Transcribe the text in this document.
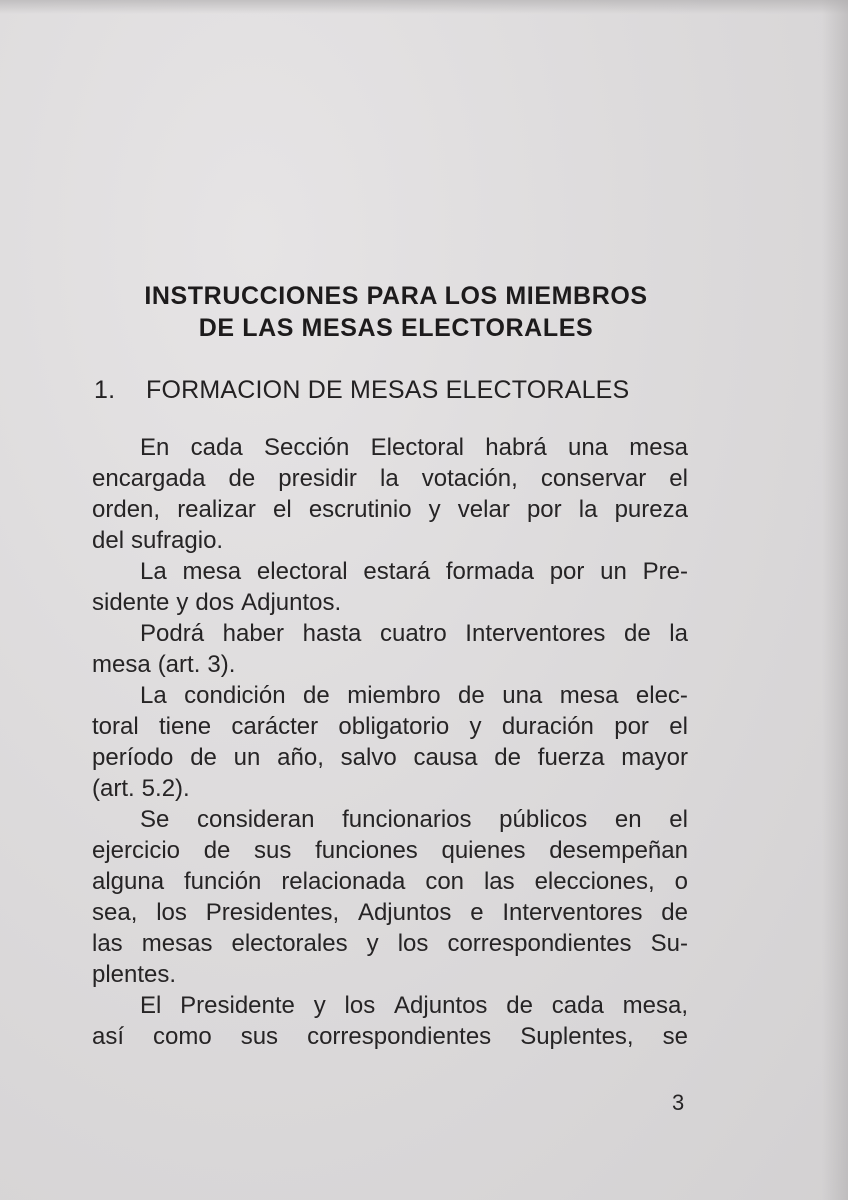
INSTRUCCIONES PARA LOS MIEMBROS
DE LAS MESAS ELECTORALES
1. FORMACION DE MESAS ELECTORALES
En cada Sección Electoral habrá una mesa
encargada de presidir la votación, conservar el
orden, realizar el escrutinio y velar por la pureza
del sufragio.
La mesa electoral estará formada por un Pre-
sidente y dos Adjuntos.
Podrá haber hasta cuatro Interventores de la
mesa (art. 3).
La condición de miembro de una mesa elec-
toral tiene carácter obligatorio y duración por el
período de un año, salvo causa de fuerza mayor
(art. 5.2).
Se consideran funcionarios públicos en el
ejercicio de sus funciones quienes desempeñan
alguna función relacionada con las elecciones, o
sea, los Presidentes, Adjuntos e Interventores de
las mesas electorales y los correspondientes Su-
plentes.
El Presidente y los Adjuntos de cada mesa,
así como sus correspondientes Suplentes, se
3
